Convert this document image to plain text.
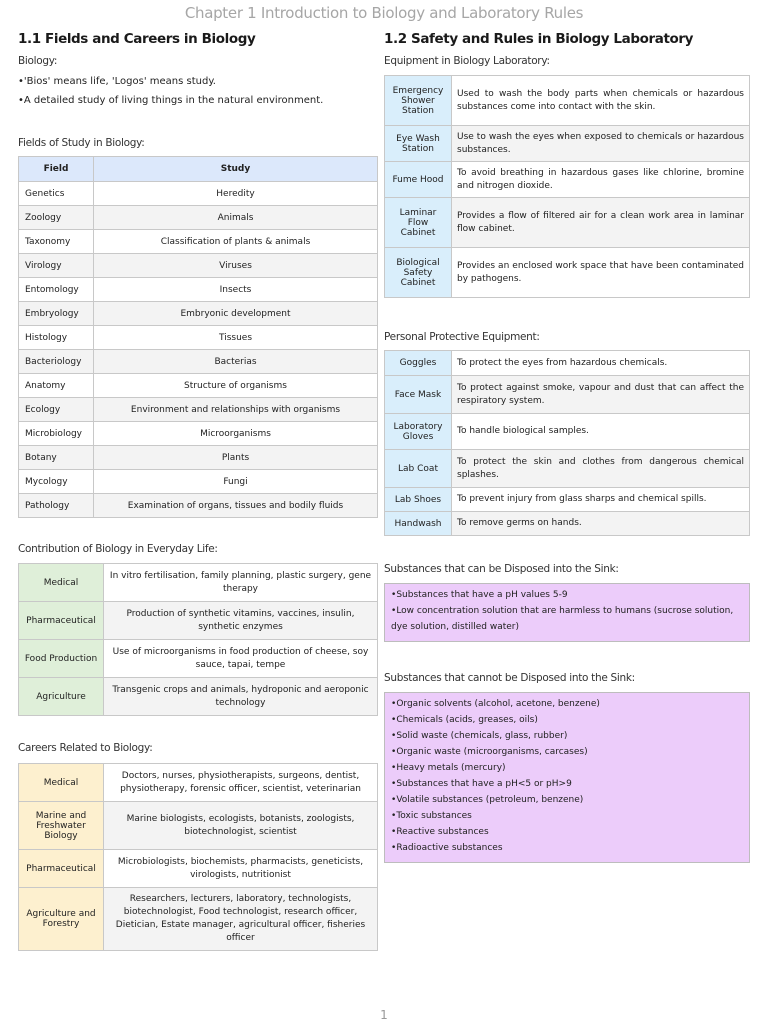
Chapter 1 Introduction to Biology and Laboratory Rules
1.1 Fields and Careers in Biology
Biology:
• 'Bios' means life, 'Logos' means study.
• A detailed study of living things in the natural environment.
Fields of Study in Biology:
Field	Study
Genetics	Heredity
Zoology	Animals
Taxonomy	Classification of plants & animals
Virology	Viruses
Entomology	Insects
Embryology	Embryonic development
Histology	Tissues
Bacteriology	Bacterias
Anatomy	Structure of organisms
Ecology	Environment and relationships with organisms
Microbiology	Microorganisms
Botany	Plants
Mycology	Fungi
Pathology	Examination of organs, tissues and bodily fluids
Contribution of Biology in Everyday Life:
Medical	In vitro fertilisation, family planning, plastic surgery, gene therapy
Pharmaceutical	Production of synthetic vitamins, vaccines, insulin, synthetic enzymes
Food Production	Use of microorganisms in food production of cheese, soy sauce, tapai, tempe
Agriculture	Transgenic crops and animals, hydroponic and aeroponic technology
Careers Related to Biology:
Medical	Doctors, nurses, physiotherapists, surgeons, dentist, physiotherapy, forensic officer, scientist, veterinarian
Marine and Freshwater Biology	Marine biologists, ecologists, botanists, zoologists, biotechnologist, scientist
Pharmaceutical	Microbiologists, biochemists, pharmacists, geneticists, virologists, nutritionist
Agriculture and Forestry	Researchers, lecturers, laboratory, technologists, biotechnologist, Food technologist, research officer, Dietician, Estate manager, agricultural officer, fisheries officer
1.2 Safety and Rules in Biology Laboratory
Equipment in Biology Laboratory:
Emergency Shower Station	Used to wash the body parts when chemicals or hazardous substances come into contact with the skin.
Eye Wash Station	Use to wash the eyes when exposed to chemicals or hazardous substances.
Fume Hood	To avoid breathing in hazardous gases like chlorine, bromine and nitrogen dioxide.
Laminar Flow Cabinet	Provides a flow of filtered air for a clean work area in laminar flow cabinet.
Biological Safety Cabinet	Provides an enclosed work space that have been contaminated by pathogens.
Personal Protective Equipment:
Goggles	To protect the eyes from hazardous chemicals.
Face Mask	To protect against smoke, vapour and dust that can affect the respiratory system.
Laboratory Gloves	To handle biological samples.
Lab Coat	To protect the skin and clothes from dangerous chemical splashes.
Lab Shoes	To prevent injury from glass sharps and chemical spills.
Handwash	To remove germs on hands.
Substances that can be Disposed into the Sink:
• Substances that have a pH values 5-9
• Low concentration solution that are harmless to humans (sucrose solution, dye solution, distilled water)
Substances that cannot be Disposed into the Sink:
• Organic solvents (alcohol, acetone, benzene)
• Chemicals (acids, greases, oils)
• Solid waste (chemicals, glass, rubber)
• Organic waste (microorganisms, carcases)
• Heavy metals (mercury)
• Substances that have a pH<5 or pH>9
• Volatile substances (petroleum, benzene)
• Toxic substances
• Reactive substances
• Radioactive substances
1
